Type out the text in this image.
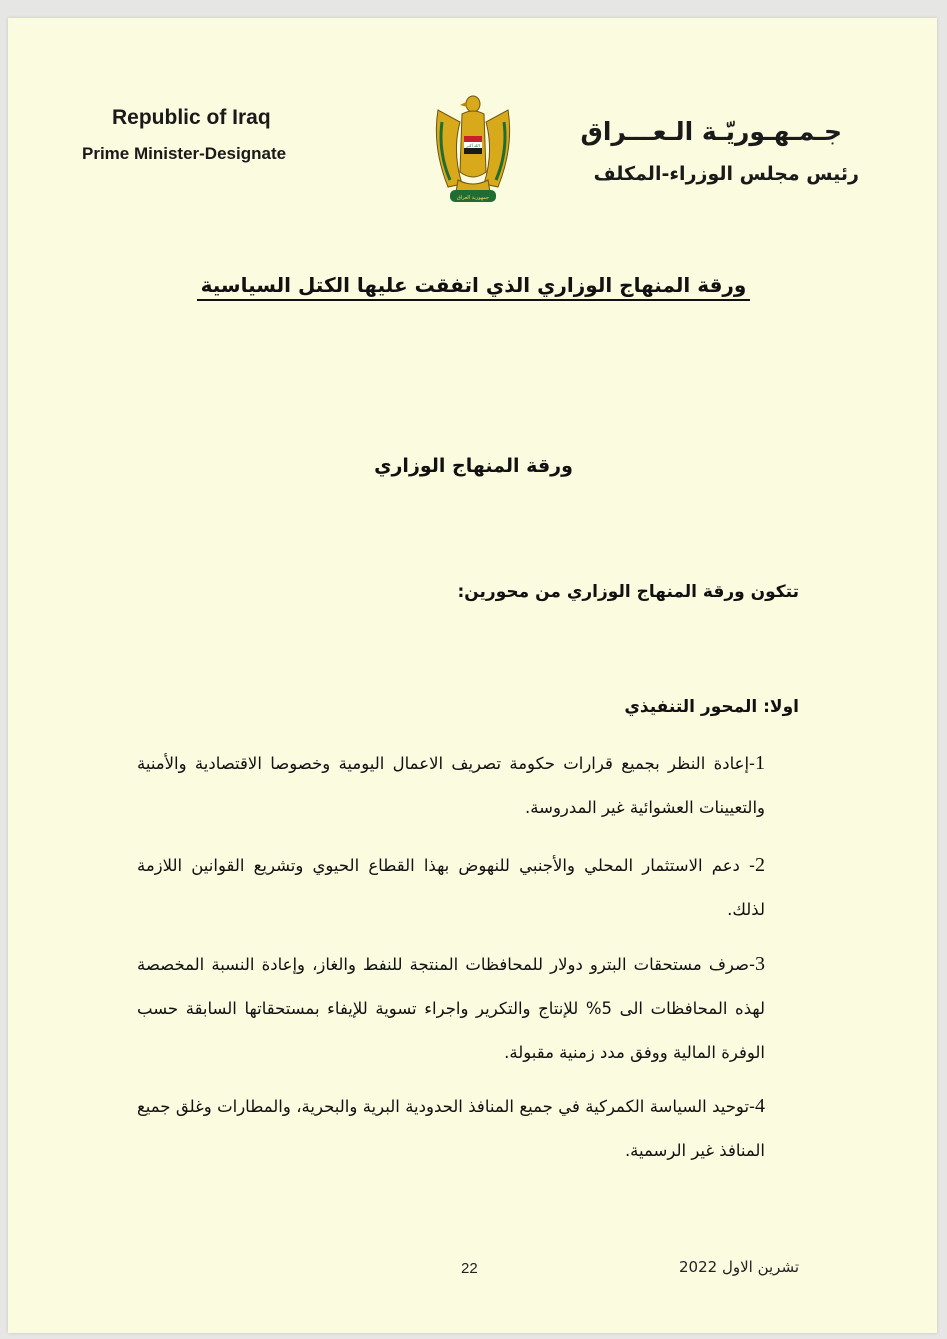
Republic of Iraq
Prime Minister-Designate
جـمـهـوريّـة الـعـــراق
رئيس مجلس الوزراء-المكلف
الله أكبر
جمهورية العراق
ورقة المنهاج الوزاري الذي اتفقت عليها الكتل السياسية
ورقة المنهاج الوزاري
تتكون ورقة المنهاج الوزاري من محورين:
اولا: المحور التنفيذي
1-إعادة النظر بجميع قرارات حكومة تصريف الاعمال اليومية وخصوصا الاقتصادية والأمنية والتعيينات العشوائية غير المدروسة.
2- دعم الاستثمار المحلي والأجنبي للنهوض بهذا القطاع الحيوي وتشريع القوانين اللازمة لذلك.
3-صرف مستحقات البترو دولار للمحافظات المنتجة للنفط والغاز، وإعادة النسبة المخصصة لهذه المحافظات الى 5% للإنتاج والتكرير واجراء تسوية للإيفاء بمستحقاتها السابقة حسب الوفرة المالية ووفق مدد زمنية مقبولة.
4-توحيد السياسة الكمركية في جميع المنافذ الحدودية البرية والبحرية، والمطارات وغلق جميع المنافذ غير الرسمية.
تشرين الاول 2022
22
